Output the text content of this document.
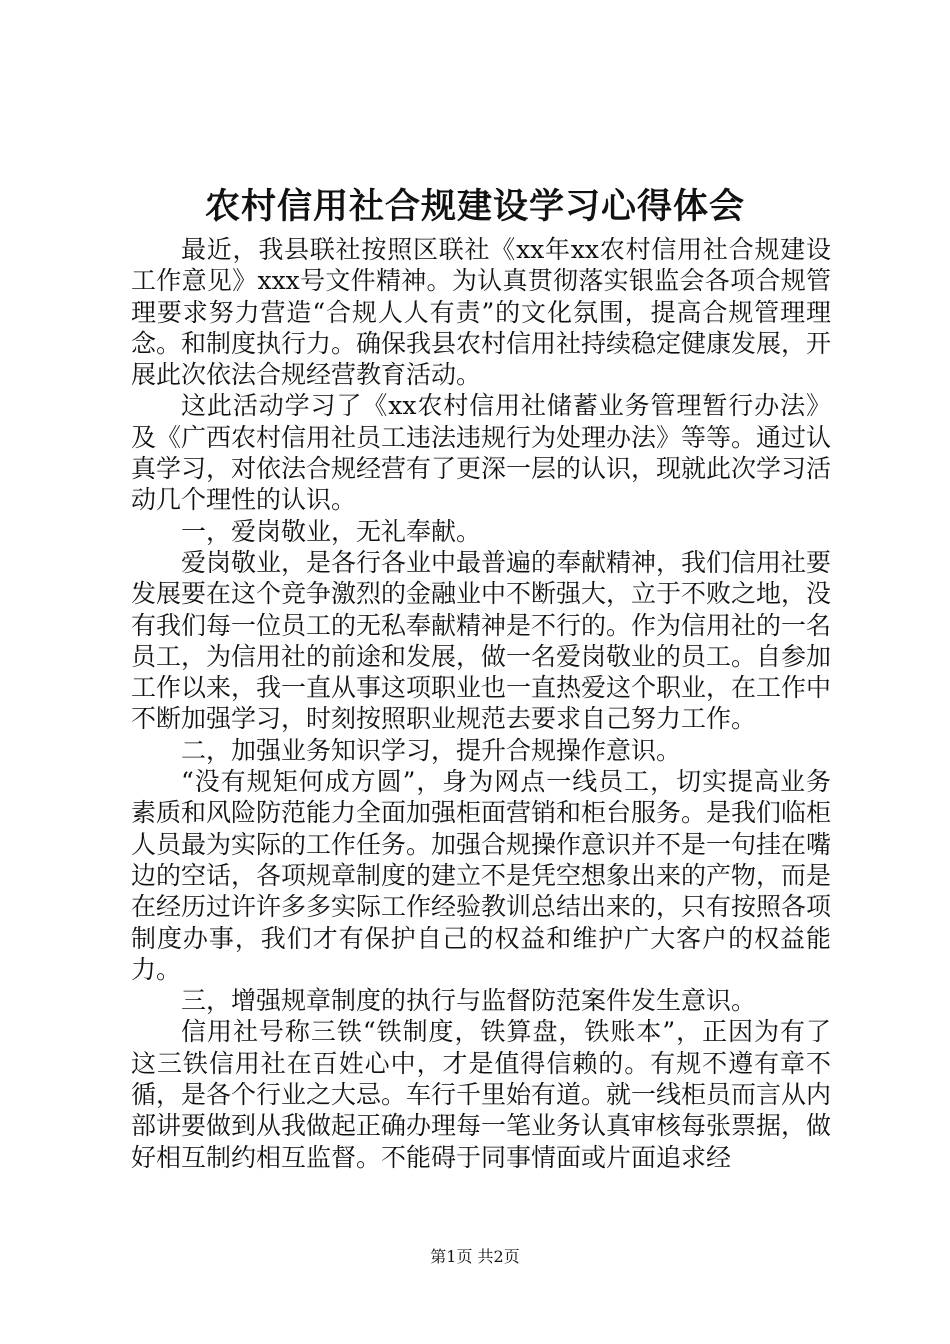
农村信用社合规建设学习心得体会

最近，我县联社按照区联社《xx年xx农村信用社合规建设工作意见》xxx号文件精神。为认真贯彻落实银监会各项合规管理要求努力营造“合规人人有责”的文化氛围，提高合规管理理念。和制度执行力。确保我县农村信用社持续稳定健康发展，开展此次依法合规经营教育活动。

这此活动学习了《xx农村信用社储蓄业务管理暂行办法》及《广西农村信用社员工违法违规行为处理办法》等等。通过认真学习，对依法合规经营有了更深一层的认识，现就此次学习活动几个理性的认识。

一，爱岗敬业，无礼奉献。

爱岗敬业，是各行各业中最普遍的奉献精神，我们信用社要发展要在这个竞争激烈的金融业中不断强大，立于不败之地，没有我们每一位员工的无私奉献精神是不行的。作为信用社的一名员工，为信用社的前途和发展，做一名爱岗敬业的员工。自参加工作以来，我一直从事这项职业也一直热爱这个职业，在工作中不断加强学习，时刻按照职业规范去要求自己努力工作。

二，加强业务知识学习，提升合规操作意识。

“没有规矩何成方圆”，身为网点一线员工，切实提高业务素质和风险防范能力全面加强柜面营销和柜台服务。是我们临柜人员最为实际的工作任务。加强合规操作意识并不是一句挂在嘴边的空话，各项规章制度的建立不是凭空想象出来的产物，而是在经历过许许多多实际工作经验教训总结出来的，只有按照各项制度办事，我们才有保护自己的权益和维护广大客户的权益能力。

三，增强规章制度的执行与监督防范案件发生意识。

信用社号称三铁“铁制度，铁算盘，铁账本”，正因为有了这三铁信用社在百姓心中，才是值得信赖的。有规不遵有章不循，是各个行业之大忌。车行千里始有道。就一线柜员而言从内部讲要做到从我做起正确办理每一笔业务认真审核每张票据，做好相互制约相互监督。不能碍于同事情面或片面追求经

第1页 共2页
